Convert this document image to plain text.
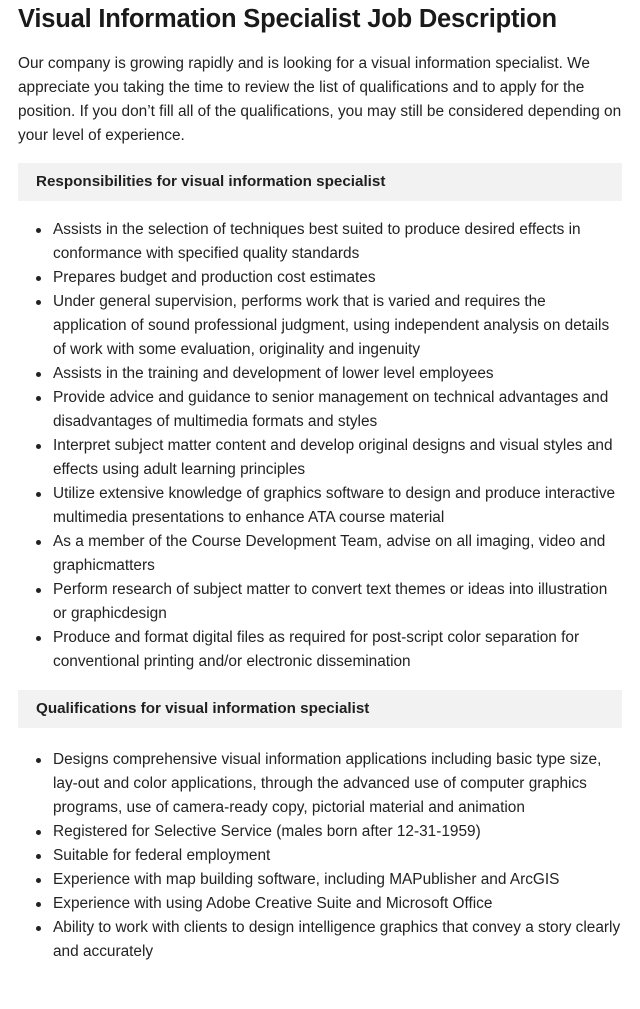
Visual Information Specialist Job Description

Our company is growing rapidly and is looking for a visual information specialist. We appreciate you taking the time to review the list of qualifications and to apply for the position. If you don’t fill all of the qualifications, you may still be considered depending on your level of experience.

Responsibilities for visual information specialist
Assists in the selection of techniques best suited to produce desired effects in conformance with specified quality standards
Prepares budget and production cost estimates
Under general supervision, performs work that is varied and requires the application of sound professional judgment, using independent analysis on details of work with some evaluation, originality and ingenuity
Assists in the training and development of lower level employees
Provide advice and guidance to senior management on technical advantages and disadvantages of multimedia formats and styles
Interpret subject matter content and develop original designs and visual styles and effects using adult learning principles
Utilize extensive knowledge of graphics software to design and produce interactive multimedia presentations to enhance ATA course material
As a member of the Course Development Team, advise on all imaging, video and graphicmatters
Perform research of subject matter to convert text themes or ideas into illustration or graphicdesign
Produce and format digital files as required for post-script color separation for conventional printing and/or electronic dissemination
Qualifications for visual information specialist
Designs comprehensive visual information applications including basic type size, lay-out and color applications, through the advanced use of computer graphics programs, use of camera-ready copy, pictorial material and animation
Registered for Selective Service (males born after 12-31-1959)
Suitable for federal employment
Experience with map building software, including MAPublisher and ArcGIS
Experience with using Adobe Creative Suite and Microsoft Office
Ability to work with clients to design intelligence graphics that convey a story clearly and accurately
